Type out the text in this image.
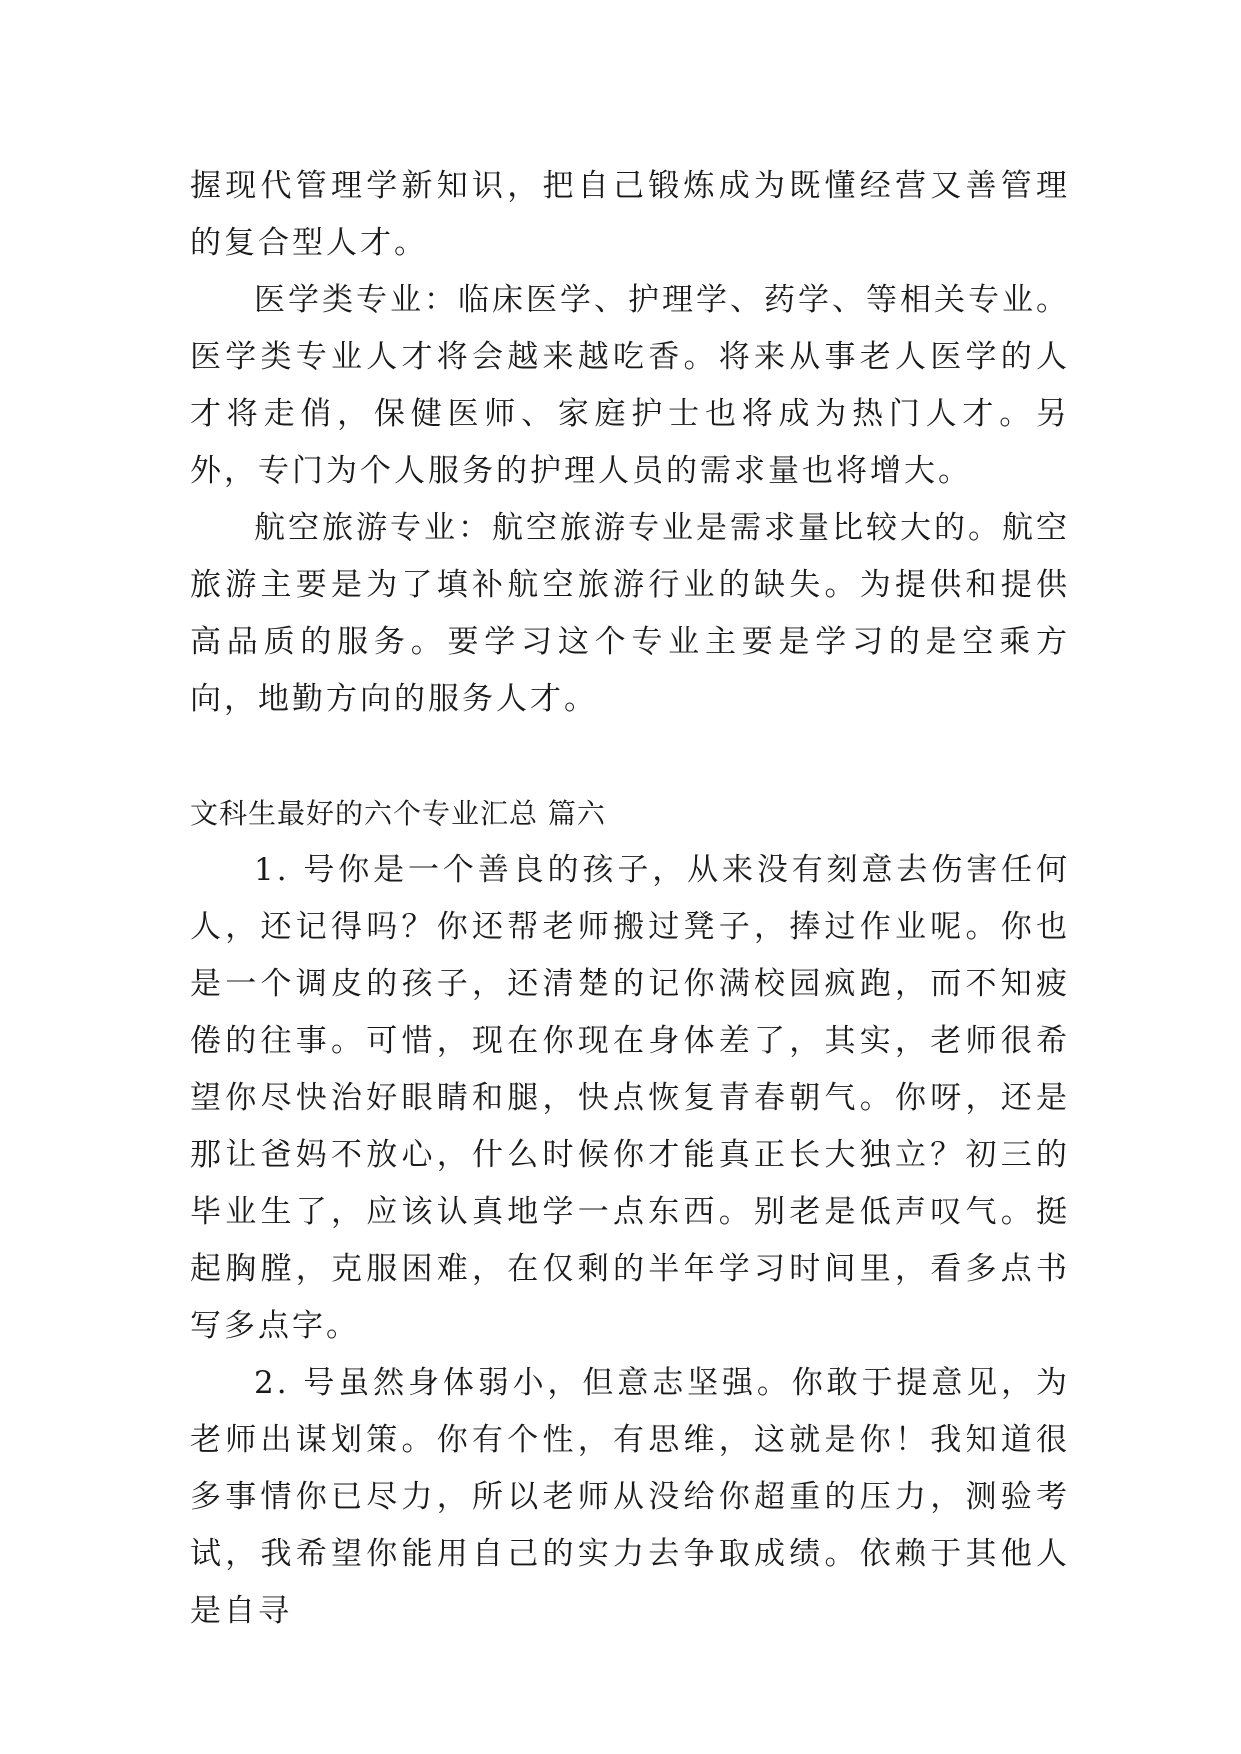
握现代管理学新知识，把自己锻炼成为既懂经营又善管理的复合型人才。

医学类专业：临床医学、护理学、药学、等相关专业。医学类专业人才将会越来越吃香。将来从事老人医学的人才将走俏，保健医师、家庭护士也将成为热门人才。另外，专门为个人服务的护理人员的需求量也将增大。

航空旅游专业：航空旅游专业是需求量比较大的。航空旅游主要是为了填补航空旅游行业的缺失。为提供和提供高品质的服务。要学习这个专业主要是学习的是空乘方向，地勤方向的服务人才。

文科生最好的六个专业汇总 篇六

1. 号你是一个善良的孩子，从来没有刻意去伤害任何人，还记得吗？你还帮老师搬过凳子，捧过作业呢。你也是一个调皮的孩子，还清楚的记你满校园疯跑，而不知疲倦的往事。可惜，现在你现在身体差了，其实，老师很希望你尽快治好眼睛和腿，快点恢复青春朝气。你呀，还是那让爸妈不放心，什么时候你才能真正长大独立？初三的毕业生了，应该认真地学一点东西。别老是低声叹气。挺起胸膛，克服困难，在仅剩的半年学习时间里，看多点书写多点字。

2. 号虽然身体弱小，但意志坚强。你敢于提意见，为老师出谋划策。你有个性，有思维，这就是你！我知道很多事情你已尽力，所以老师从没给你超重的压力，测验考试，我希望你能用自己的实力去争取成绩。依赖于其他人是自寻
